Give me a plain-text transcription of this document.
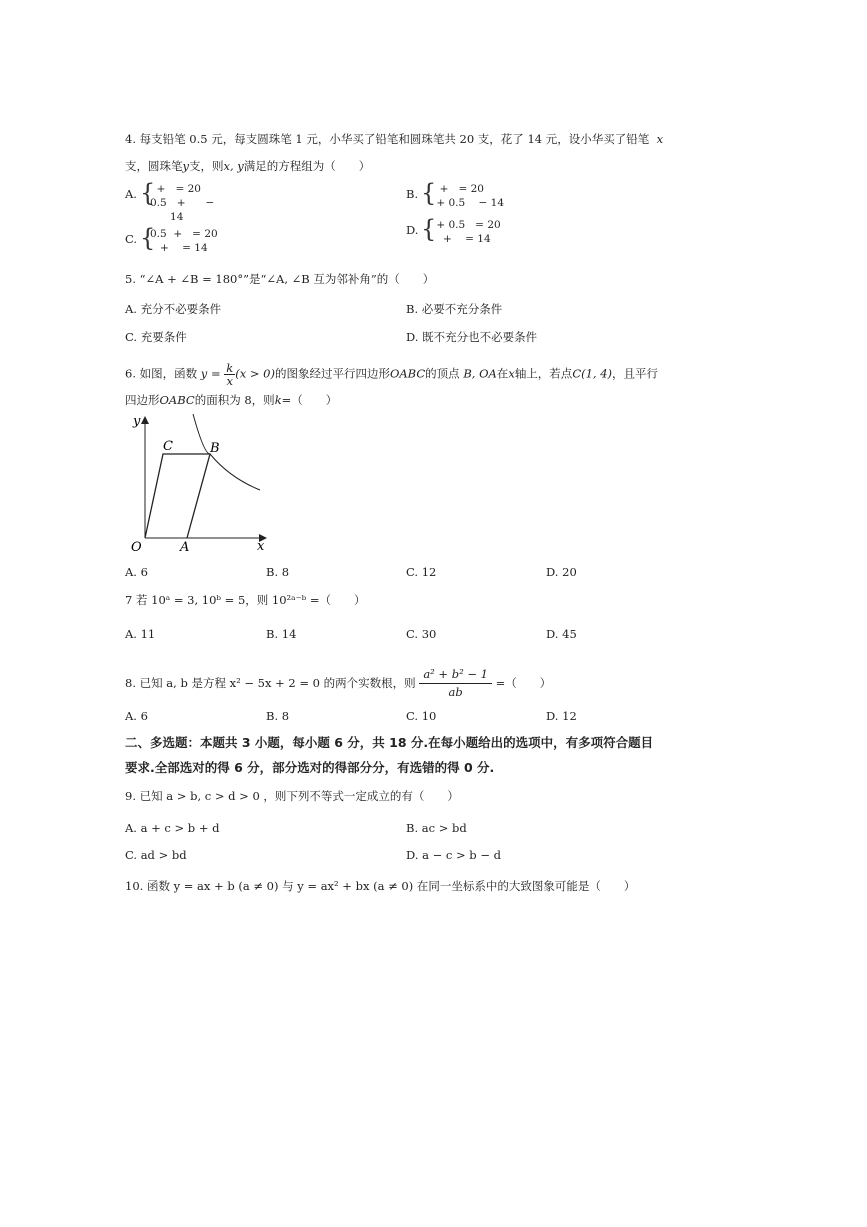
4. 每支铅笔 0.5 元，每支圆珠笔 1 元，小华买了铅笔和圆珠笔共 20 支，花了 14 元，设小华买了铅笔 x
支，圆珠笔y支，则x, y满足的方程组为（　　）
A. {
+   = 20
0.5   +      −
14
B. {
+   = 20
+ 0.5    − 14
C. {
0.5  +   = 20
+    = 14
D. {
+ 0.5   = 20
+    = 14
5. “∠A + ∠B = 180°”是“∠A, ∠B 互为邻补角”的（　　）
A. 充分不必要条件	B. 必要不充分条件
C. 充要条件	D. 既不充分也不必要条件
6. 如图，函数 $y = \frac{k}{x} (x > 0)$的图象经过平行四边形OABC的顶点 B, OA在x轴上，若点C(1, 4)，且平行
四边形OABC的面积为 8，则k=（　　）
y
x
O	A
B
C
A. 6	B. 8	C. 12	D. 20
7 若 10ᵃ = 3, 10ᵇ = 5，则 10²ᵃ⁻ᵇ =（　　）
A. 11	B. 14	C. 30	D. 45
8. 已知 a, b 是方程 x² − 5x + 2 = 0 的两个实数根，则 $\frac{\text{a² + b² − 1}}{ab}$ =（　　）
A. 6	B. 8	C. 10	D. 12
二、多选题：本题共 3 小题，每小题 6 分，共 18 分.在每小题给出的选项中，有多项符合题目
要求.全部选对的得 6 分，部分选对的得部分分，有选错的得 0 分.
9. 已知 a > b, c > d > 0 ，则下列不等式一定成立的有（　　）
A. a + c > b + d	B. ac > bd
C. ad > bd	D. a − c > b − d
10. 函数 y = ax + b (a ≠ 0) 与 y = ax² + bx (a ≠ 0) 在同一坐标系中的大致图象可能是（　　）
